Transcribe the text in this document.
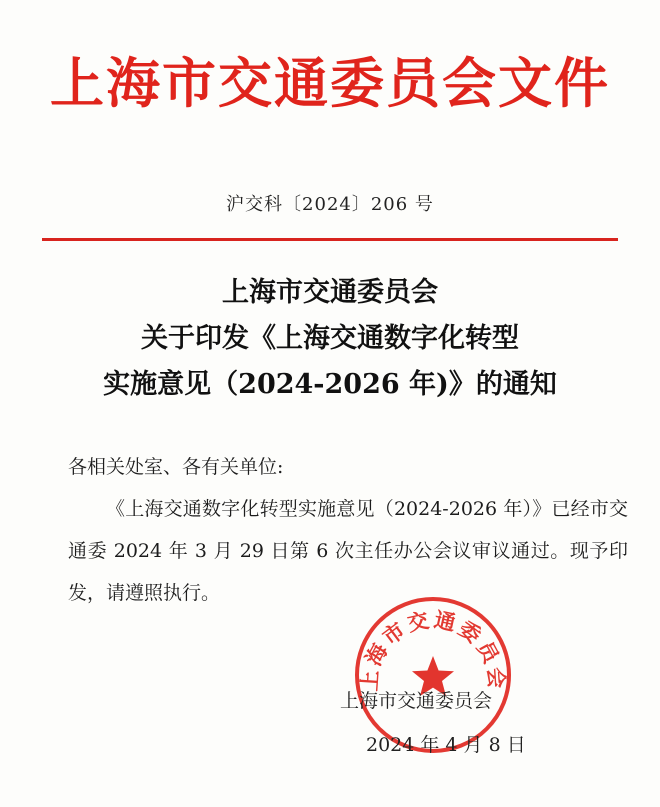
上海市交通委员会文件
沪交科〔2024〕206 号
上海市交通委员会
关于印发《上海交通数字化转型
实施意见（2024-2026 年)》的通知
各相关处室、各有关单位:
《上海交通数字化转型实施意见（2024-2026 年）》已经市交通委 2024 年 3 月 29 日第 6 次主任办公会议审议通过。现予印发，请遵照执行。
上海市交通委员会
上海市交通委员会
2024 年 4 月 8 日
